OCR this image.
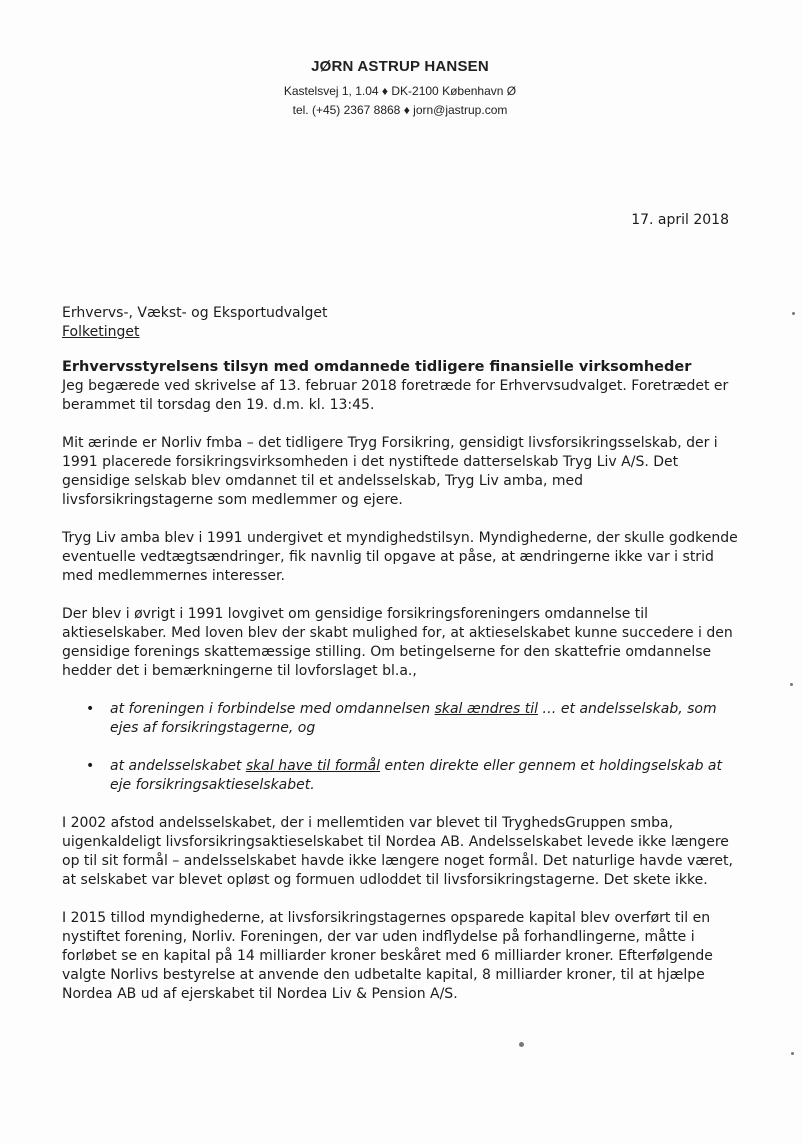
JØRN ASTRUP HANSEN
Kastelsvej 1, 1.04 ♦ DK-2100 København Ø
tel. (+45) 2367 8868 ♦ jorn@jastrup.com
17. april 2018
Erhvervs-, Vækst- og Eksportudvalget
Folketinget
Erhvervsstyrelsens tilsyn med omdannede tidligere finansielle virksomheder

Jeg begærede ved skrivelse af 13. februar 2018 foretræde for Erhvervsudvalget. Foretrædet er berammet til torsdag den 19. d.m. kl. 13:45.

Mit ærinde er Norliv fmba – det tidligere Tryg Forsikring, gensidigt livsforsikringsselskab, der i 1991 placerede forsikringsvirksomheden i det nystiftede datterselskab Tryg Liv A/S. Det gensidige selskab blev omdannet til et andelsselskab, Tryg Liv amba, med livsforsikringstagerne som medlemmer og ejere.

Tryg Liv amba blev i 1991 undergivet et myndighedstilsyn. Myndighederne, der skulle godkende eventuelle vedtægtsændringer, fik navnlig til opgave at påse, at ændringerne ikke var i strid med medlemmernes interesser.

Der blev i øvrigt i 1991 lovgivet om gensidige forsikringsforeningers omdannelse til aktieselskaber. Med loven blev der skabt mulighed for, at aktieselskabet kunne succedere i den gensidige forenings skattemæssige stilling. Om betingelserne for den skattefrie omdannelse hedder det i bemærkningerne til lovforslaget bl.a.,

• at foreningen i forbindelse med omdannelsen skal ændres til … et andelsselskab, som ejes af forsikringstagerne, og
• at andelsselskabet skal have til formål enten direkte eller gennem et holdingselskab at eje forsikringsaktieselskabet.

I 2002 afstod andelsselskabet, der i mellemtiden var blevet til TryghedsGruppen smba, uigenkaldeligt livsforsikringsaktieselskabet til Nordea AB. Andelsselskabet levede ikke længere op til sit formål – andelsselskabet havde ikke længere noget formål. Det naturlige havde været, at selskabet var blevet opløst og formuen udloddet til livsforsikringstagerne. Det skete ikke.

I 2015 tillod myndighederne, at livsforsikringstagernes opsparede kapital blev overført til en nystiftet forening, Norliv. Foreningen, der var uden indflydelse på forhandlingerne, måtte i forløbet se en kapital på 14 milliarder kroner beskåret med 6 milliarder kroner. Efterfølgende valgte Norlivs bestyrelse at anvende den udbetalte kapital, 8 milliarder kroner, til at hjælpe Nordea AB ud af ejerskabet til Nordea Liv & Pension A/S.
